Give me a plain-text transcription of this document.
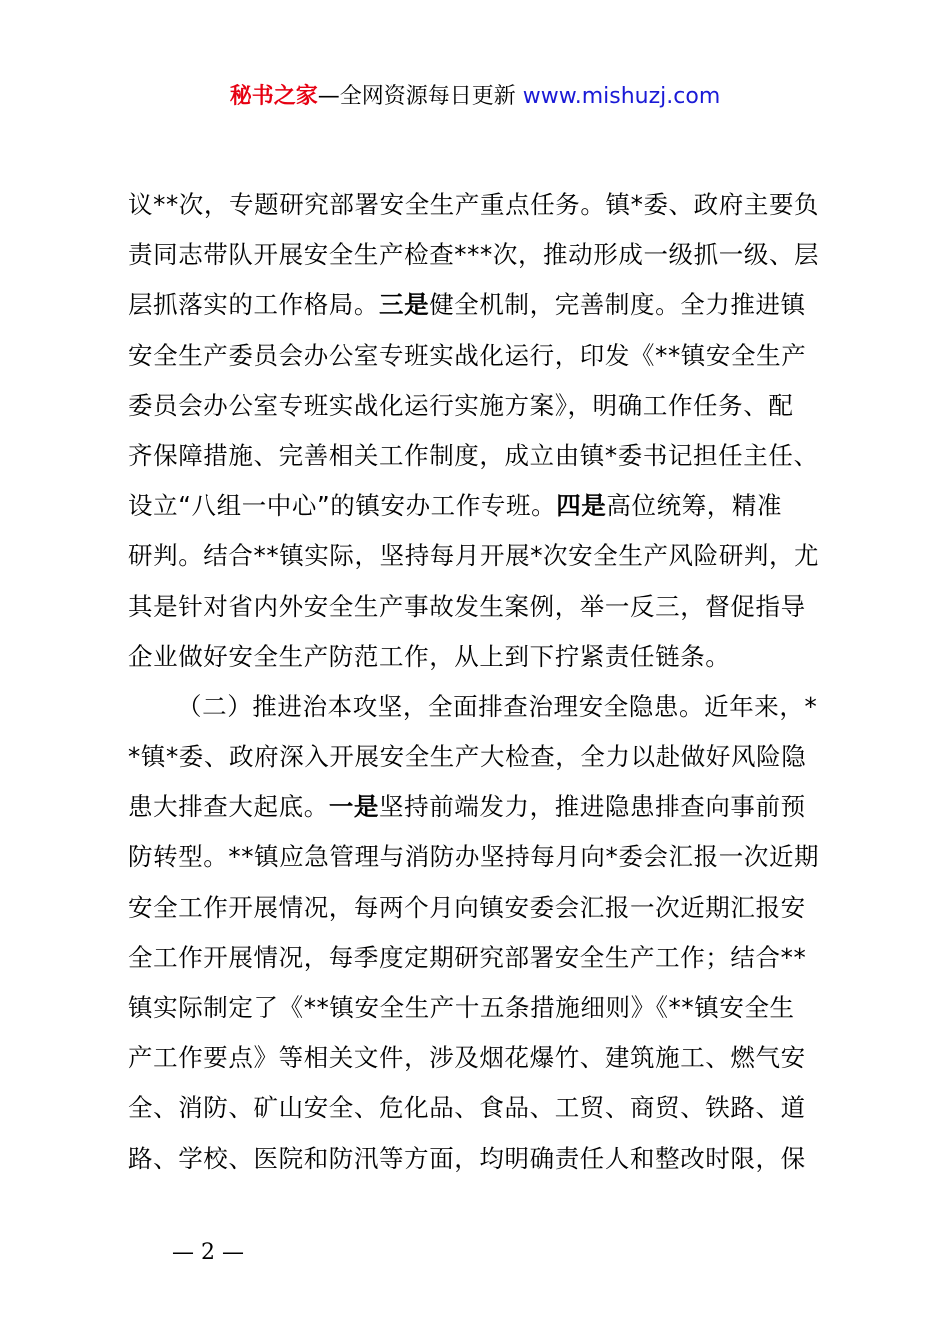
秘书之家—全网资源每日更新 www.mishuzj.com
议**次，专题研究部署安全生产重点任务。镇*委、政府主要负
责同志带队开展安全生产检查***次，推动形成一级抓一级、层
层抓落实的工作格局。三是健全机制，完善制度。全力推进镇
安全生产委员会办公室专班实战化运行，印发《**镇安全生产
委员会办公室专班实战化运行实施方案》，明确工作任务、配
齐保障措施、完善相关工作制度，成立由镇*委书记担任主任、
设立“八组一中心”的镇安办工作专班。四是高位统筹，精准
研判。结合**镇实际，坚持每月开展*次安全生产风险研判，尤
其是针对省内外安全生产事故发生案例，举一反三，督促指导
企业做好安全生产防范工作，从上到下拧紧责任链条。
（二）推进治本攻坚，全面排查治理安全隐患。近年来，*
*镇*委、政府深入开展安全生产大检查，全力以赴做好风险隐
患大排查大起底。一是坚持前端发力，推进隐患排查向事前预
防转型。**镇应急管理与消防办坚持每月向*委会汇报一次近期
安全工作开展情况，每两个月向镇安委会汇报一次近期汇报安
全工作开展情况，每季度定期研究部署安全生产工作；结合**
镇实际制定了《**镇安全生产十五条措施细则》《**镇安全生
产工作要点》等相关文件，涉及烟花爆竹、建筑施工、燃气安
全、消防、矿山安全、危化品、食品、工贸、商贸、铁路、道
路、学校、医院和防汛等方面，均明确责任人和整改时限，保
— 2 —
